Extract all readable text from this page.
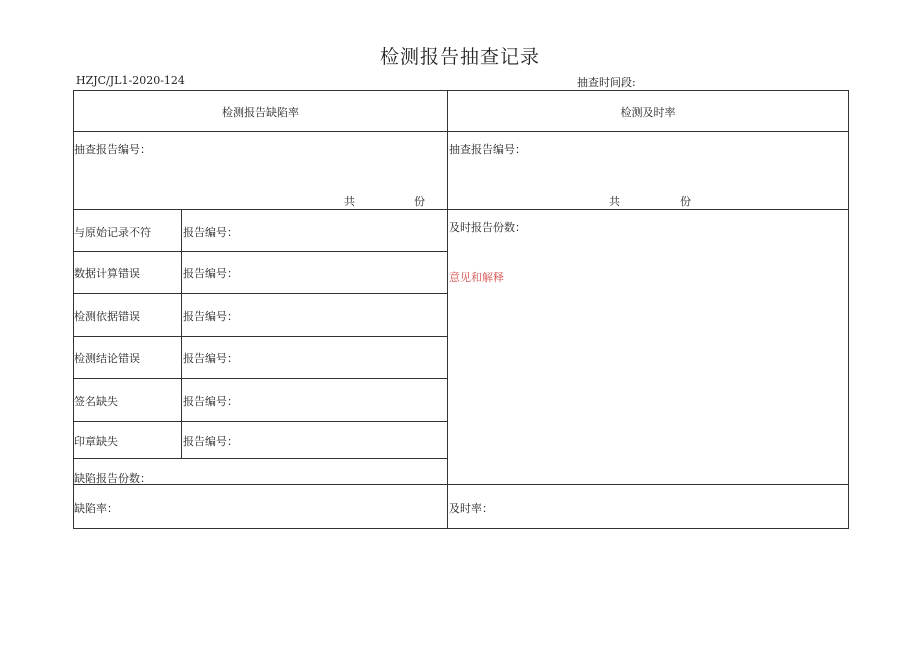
检测报告抽查记录
HZJC/JL1-2020-124	抽查时间段:
检测报告缺陷率	检测及时率
抽查报告编号：	抽查报告编号：
共	份	共	份
与原始记录不符	报告编号：
数据计算错误	报告编号：
检测依据错误	报告编号：
检测结论错误	报告编号：
签名缺失	报告编号：
印章缺失	报告编号：
及时报告份数：
意见和解释
缺陷报告份数：
缺陷率：	及时率：
